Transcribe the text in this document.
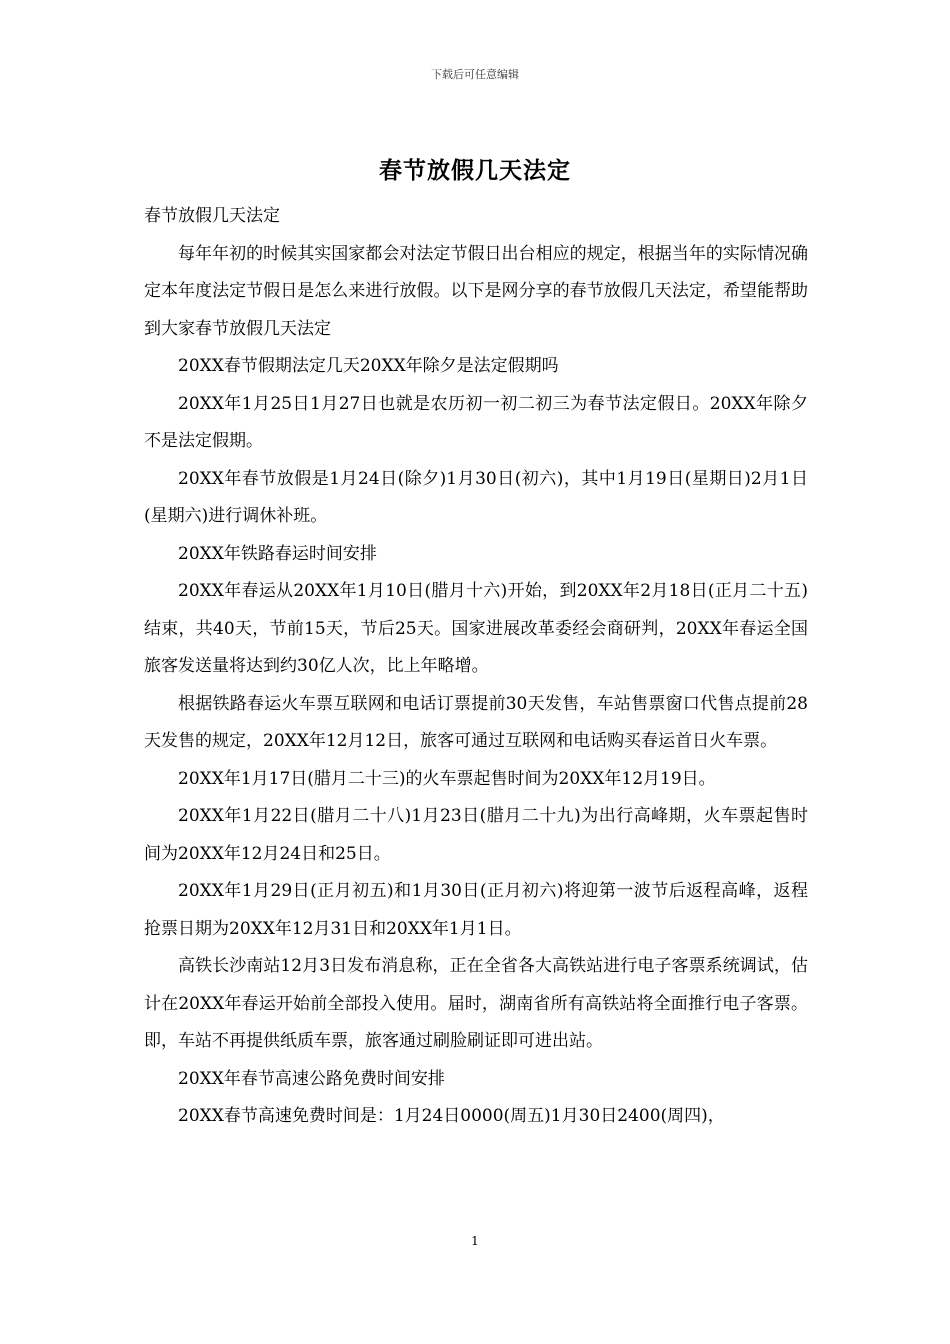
下载后可任意编辑
春节放假几天法定

春节放假几天法定

每年年初的时候其实国家都会对法定节假日出台相应的规定，根据当年的实际情况确定本年度法定节假日是怎么来进行放假。以下是网分享的春节放假几天法定，希望能帮助到大家春节放假几天法定

20XX春节假期法定几天20XX年除夕是法定假期吗

20XX年1月25日1月27日也就是农历初一初二初三为春节法定假日。20XX年除夕不是法定假期。

20XX年春节放假是1月24日(除夕)1月30日(初六)，其中1月19日(星期日)2月1日(星期六)进行调休补班。

20XX年铁路春运时间安排

20XX年春运从20XX年1月10日(腊月十六)开始，到20XX年2月18日(正月二十五)结束，共40天，节前15天，节后25天。国家进展改革委经会商研判，20XX年春运全国旅客发送量将达到约30亿人次，比上年略增。

根据铁路春运火车票互联网和电话订票提前30天发售，车站售票窗口代售点提前28天发售的规定，20XX年12月12日，旅客可通过互联网和电话购买春运首日火车票。

20XX年1月17日(腊月二十三)的火车票起售时间为20XX年12月19日。

20XX年1月22日(腊月二十八)1月23日(腊月二十九)为出行高峰期，火车票起售时间为20XX年12月24日和25日。

20XX年1月29日(正月初五)和1月30日(正月初六)将迎第一波节后返程高峰，返程抢票日期为20XX年12月31日和20XX年1月1日。

高铁长沙南站12月3日发布消息称，正在全省各大高铁站进行电子客票系统调试，估计在20XX年春运开始前全部投入使用。届时，湖南省所有高铁站将全面推行电子客票。即，车站不再提供纸质车票，旅客通过刷脸刷证即可进出站。

20XX年春节高速公路免费时间安排

20XX春节高速免费时间是：1月24日0000(周五)1月30日2400(周四)，

1
